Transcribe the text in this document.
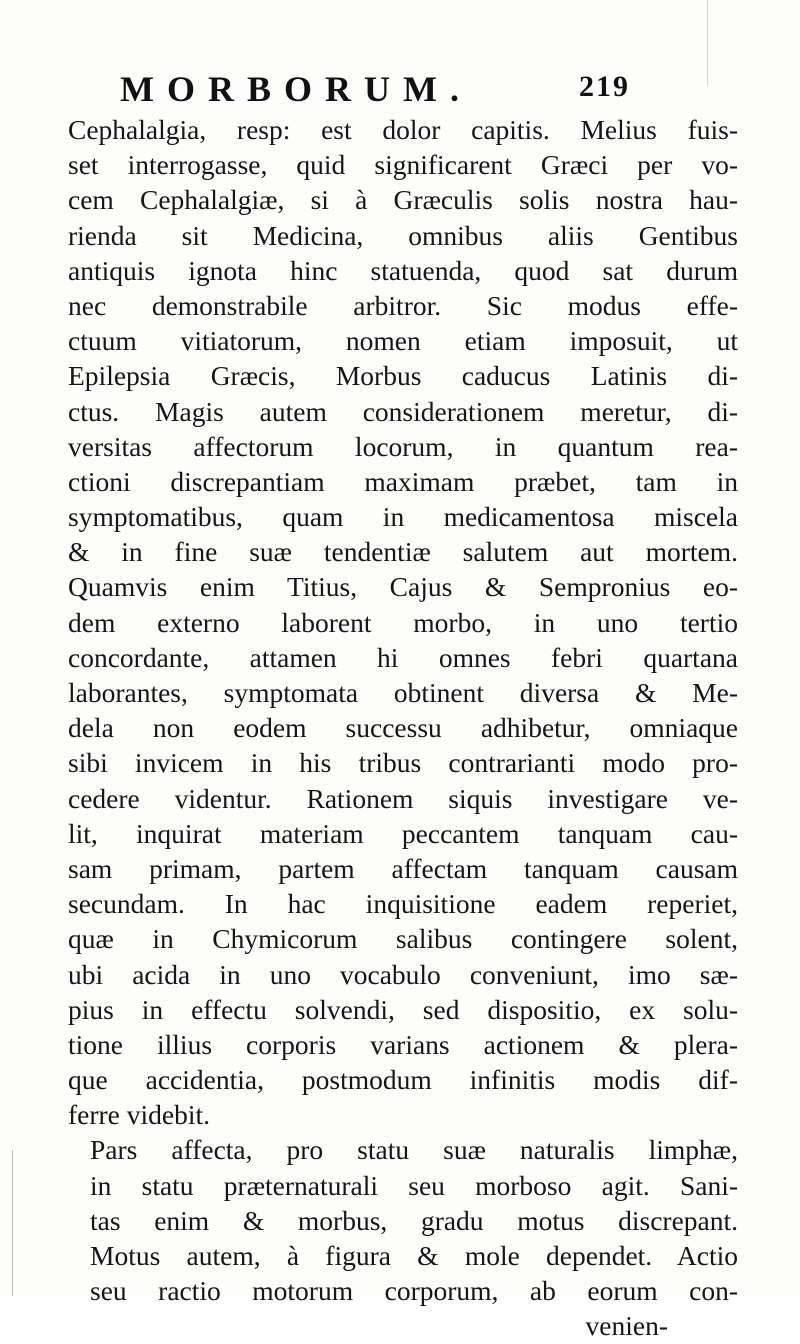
MORBORUM.	219
Cephalalgia, resp: est dolor capitis. Melius fuis-
set interrogasse, quid significarent Græci per vo-
cem Cephalalgiæ, si à Græculis solis nostra hau-
rienda sit Medicina, omnibus aliis Gentibus
antiquis ignota hinc statuenda, quod sat durum
nec demonstrabile arbitror. Sic modus effe-
ctuum vitiatorum, nomen etiam imposuit, ut
Epilepsia Græcis, Morbus caducus Latinis di-
ctus. Magis autem considerationem meretur, di-
versitas affectorum locorum, in quantum rea-
ctioni discrepantiam maximam præbet, tam in
symptomatibus, quam in medicamentosa miscela
& in fine suæ tendentiæ salutem aut mortem.
Quamvis enim Titius, Cajus & Sempronius eo-
dem externo laborent morbo, in uno tertio
concordante, attamen hi omnes febri quartana
laborantes, symptomata obtinent diversa & Me-
dela non eodem successu adhibetur, omniaque
sibi invicem in his tribus contrarianti modo pro-
cedere videntur. Rationem siquis investigare ve-
lit, inquirat materiam peccantem tanquam cau-
sam primam, partem affectam tanquam causam
secundam. In hac inquisitione eadem reperiet,
quæ in Chymicorum salibus contingere solent,
ubi acida in uno vocabulo conveniunt, imo sæ-
pius in effectu solvendi, sed dispositio, ex solu-
tione illius corporis varians actionem & plera-
que accidentia, postmodum infinitis modis dif-
ferre videbit.
Pars affecta, pro statu suæ naturalis limphæ,
in statu præternaturali seu morboso agit. Sani-
tas enim & morbus, gradu motus discrepant.
Motus autem, à figura & mole dependet. Actio
seu ractio motorum corporum, ab eorum con-
venien-
